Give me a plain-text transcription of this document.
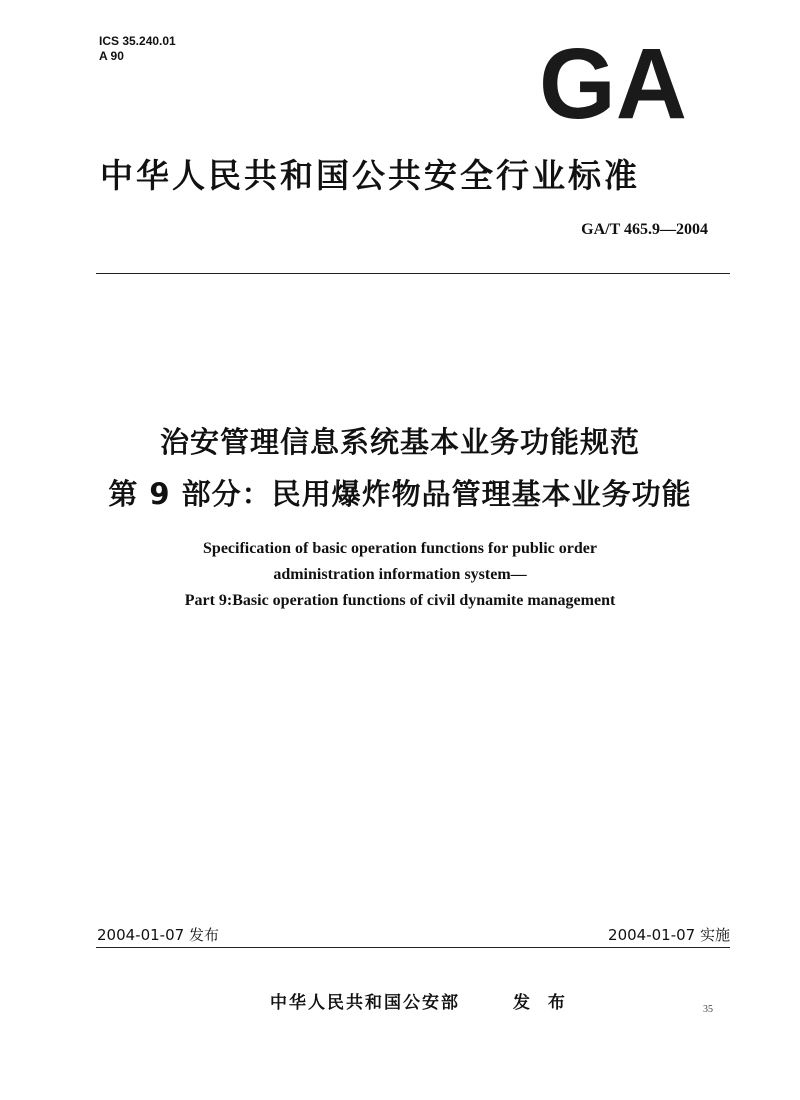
ICS 35.240.01
A 90	GA
中华人民共和国公共安全行业标准
GA/T 465.9—2004
治安管理信息系统基本业务功能规范
第 9 部分：民用爆炸物品管理基本业务功能
Specification of basic operation functions for public order
administration information system—
Part 9:Basic operation functions of civil dynamite management
2004-01-07 发布	2004-01-07 实施
中华人民共和国公安部	发 布	35
